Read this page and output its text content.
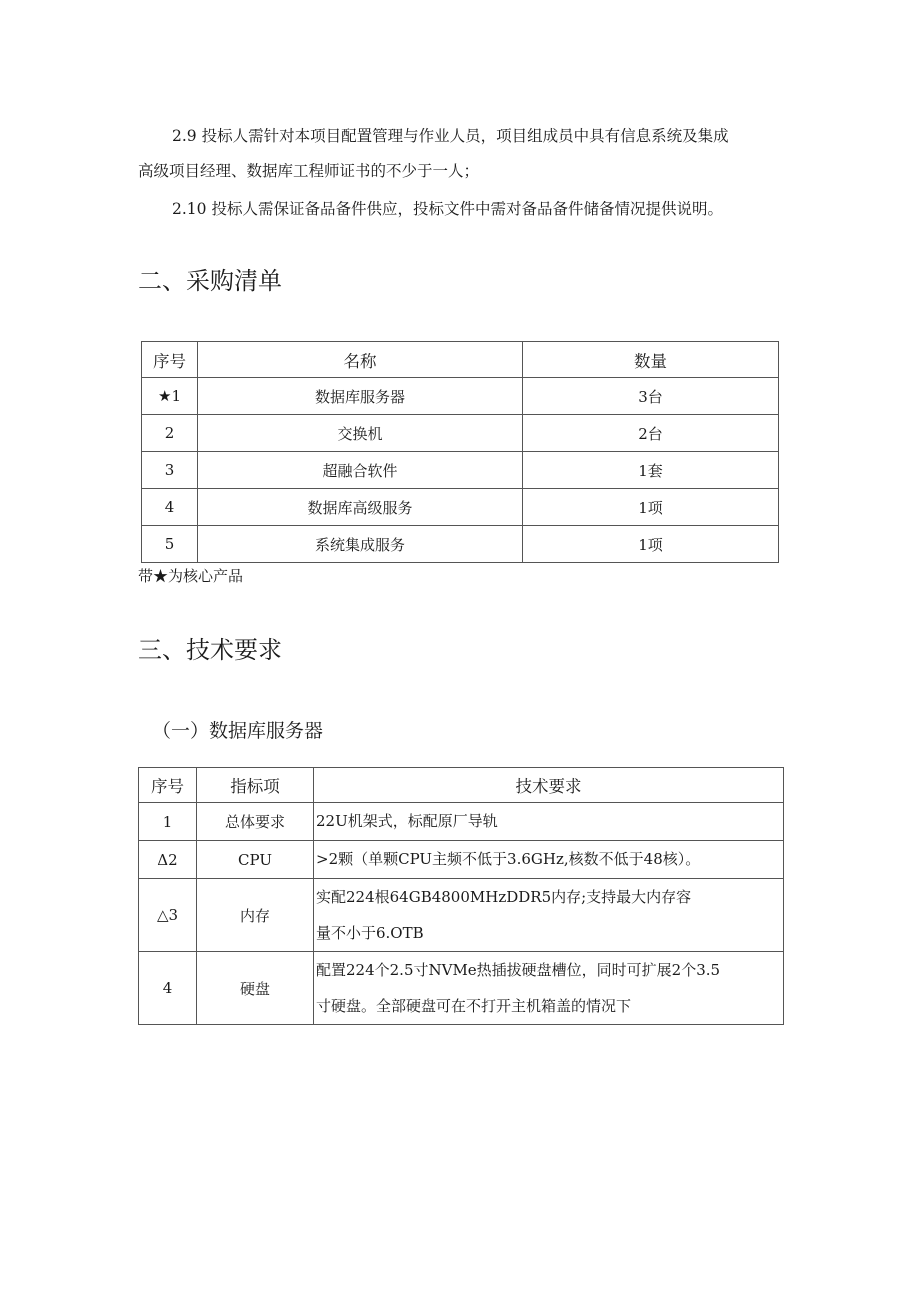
2.9 投标人需针对本项目配置管理与作业人员，项目组成员中具有信息系统及集成
高级项目经理、数据库工程师证书的不少于一人；
2.10 投标人需保证备品备件供应，投标文件中需对备品备件储备情况提供说明。
二、采购清单
序号	名称	数量
★1	数据库服务器	3台
2	交换机	2台
3	超融合软件	1套
4	数据库高级服务	1项
5	系统集成服务	1项
带★为核心产品
三、技术要求
（一）数据库服务器
序号	指标项	技术要求
1	总体要求	22U机架式，标配原厂导轨
Δ2	CPU	>2颗（单颗CPU主频不低于3.6GHz,核数不低于48核）。
△3	内存	实配224根64GB4800MHzDDR5内存;支持最大内存容
量不小于6.OTB

4	硬盘	配置224个2.5寸NVMe热插拔硬盘槽位，同时可扩展2个3.5
寸硬盘。全部硬盘可在不打开主机箱盖的情况下
